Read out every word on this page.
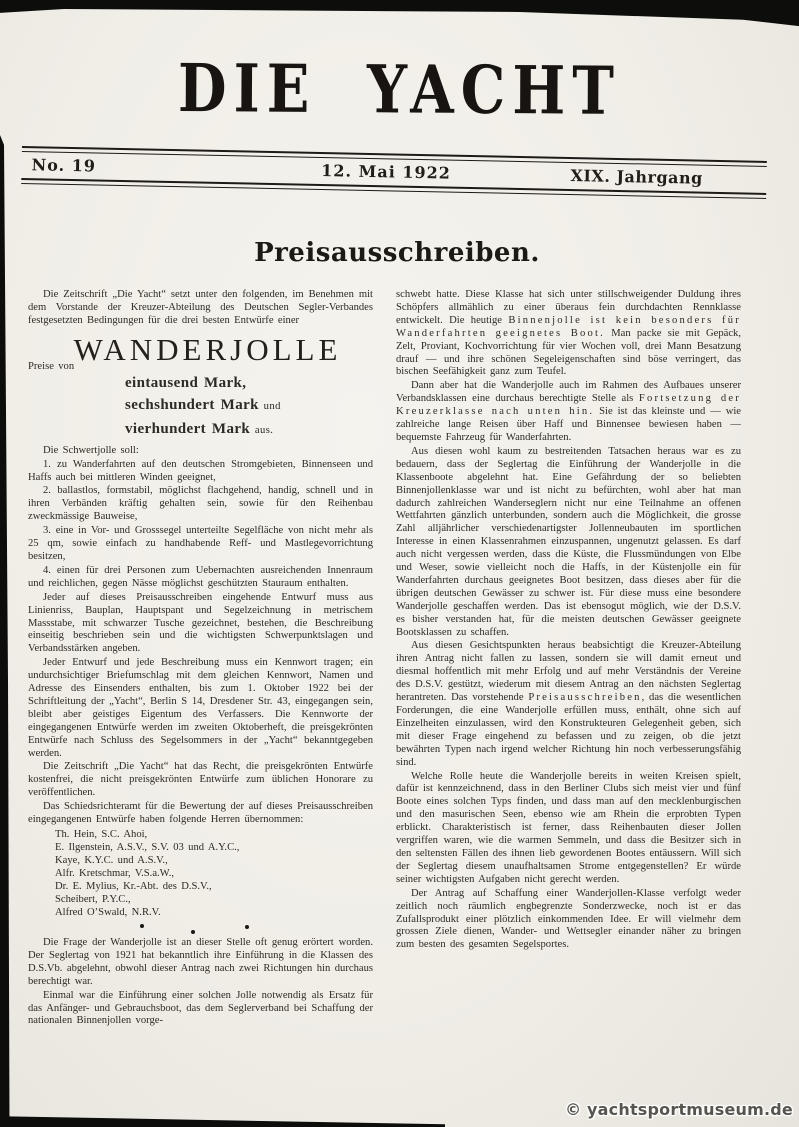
DIE YACHT
No. 19	12. Mai 1922	XIX. Jahrgang
Preisausschreiben.

Die Zeitschrift „Die Yacht“ setzt unter den folgenden, im Benehmen mit dem Vorstande der Kreuzer-Abteilung des Deutschen Segler-Verbandes festgesetzten Bedingungen für die drei besten Entwürfe einer

Preise von WANDERJOLLE
eintausend Mark,
sechshundert Mark und
vierhundert Mark aus.

Die Schwertjolle soll:

1. zu Wanderfahrten auf den deutschen Stromgebieten, Binnenseen und Haffs auch bei mittleren Winden geeignet,

2. ballastlos, formstabil, möglichst flachgehend, handig, schnell und in ihren Verbänden kräftig gehalten sein, sowie für den Reihenbau zweckmässige Bauweise,

3. eine in Vor- und Grosssegel unterteilte Segelfläche von nicht mehr als 25 qm, sowie einfach zu handhabende Reff- und Mastlegevorrichtung besitzen,

4. einen für drei Personen zum Uebernachten ausreichenden Innenraum und reichlichen, gegen Nässe möglichst geschützten Stauraum enthalten.

Jeder auf dieses Preisausschreiben eingehende Entwurf muss aus Linienriss, Bauplan, Hauptspant und Segelzeichnung in metrischem Massstabe, mit schwarzer Tusche gezeichnet, bestehen, die Beschreibung einseitig beschrieben sein und die wichtigsten Schwerpunktslagen und Verbandsstärken angeben.

Jeder Entwurf und jede Beschreibung muss ein Kennwort tragen; ein undurchsichtiger Briefumschlag mit dem gleichen Kennwort, Namen und Adresse des Einsenders enthalten, bis zum 1. Oktober 1922 bei der Schriftleitung der „Yacht“, Berlin S 14, Dresdener Str. 43, eingegangen sein, bleibt aber geistiges Eigentum des Verfassers. Die Kennworte der eingegangenen Entwürfe werden im zweiten Oktoberheft, die preisgekrönten Entwürfe nach Schluss des Segelsommers in der „Yacht“ bekanntgegeben werden.

Die Zeitschrift „Die Yacht“ hat das Recht, die preisgekrönten Entwürfe kostenfrei, die nicht preisgekrönten Entwürfe zum üblichen Honorare zu veröffentlichen.

Das Schiedsrichteramt für die Bewertung der auf dieses Preisausschreiben eingegangenen Entwürfe haben folgende Herren übernommen:

Th. Hein, S.C. Ahoi,
E. Ilgenstein, A.S.V., S.V. 03 und A.Y.C.,
Kaye, K.Y.C. und A.S.V.,
Alfr. Kretschmar, V.S.a.W.,
Dr. E. Mylius, Kr.-Abt. des D.S.V.,
Scheibert, P.Y.C.,
Alfred O’Swald, N.R.V.

Die Frage der Wanderjolle ist an dieser Stelle oft genug erörtert worden. Der Seglertag von 1921 hat bekanntlich ihre Einführung in die Klassen des D.S.Vb. abgelehnt, obwohl dieser Antrag nach zwei Richtungen hin durchaus berechtigt war.

Einmal war die Einführung einer solchen Jolle notwendig als Ersatz für das Anfänger- und Gebrauchsboot, das dem Seglerverband bei Schaffung der nationalen Binnenjollen vorge-

schwebt hatte. Diese Klasse hat sich unter stillschweigender Duldung ihres Schöpfers allmählich zu einer überaus fein durchdachten Rennklasse entwickelt. Die heutige Binnenjolle ist kein besonders für Wanderfahrten geeignetes Boot. Man packe sie mit Gepäck, Zelt, Proviant, Kochvorrichtung für vier Wochen voll, drei Mann Besatzung drauf — und ihre schönen Segeleigenschaften sind böse verringert, das bischen Seefähigkeit ganz zum Teufel.

Dann aber hat die Wanderjolle auch im Rahmen des Aufbaues unserer Verbandsklassen eine durchaus berechtigte Stelle als Fortsetzung der Kreuzerklasse nach unten hin. Sie ist das kleinste und — wie zahlreiche lange Reisen über Haff und Binnensee bewiesen haben — bequemste Fahrzeug für Wanderfahrten.

Aus diesen wohl kaum zu bestreitenden Tatsachen heraus war es zu bedauern, dass der Seglertag die Einführung der Wanderjolle in die Klassenboote abgelehnt hat. Eine Gefährdung der so beliebten Binnenjollenklasse war und ist nicht zu befürchten, wohl aber hat man dadurch zahlreichen Wanderseglern nicht nur eine Teilnahme an offenen Wettfahrten gänzlich unterbunden, sondern auch die Möglichkeit, die grosse Zahl alljährlicher verschiedenartigster Jollenneubauten im sportlichen Interesse in einen Klassenrahmen einzuspannen, ungenutzt gelassen. Es darf auch nicht vergessen werden, dass die Küste, die Flussmündungen von Elbe und Weser, sowie vielleicht noch die Haffs, in der Küstenjolle ein für Wanderfahrten durchaus geeignetes Boot besitzen, dass dieses aber für die übrigen deutschen Gewässer zu schwer ist. Für diese muss eine besondere Wanderjolle geschaffen werden. Das ist ebensogut möglich, wie der D.S.V. es bisher verstanden hat, für die meisten deutschen Gewässer geeignete Bootsklassen zu schaffen.

Aus diesen Gesichtspunkten heraus beabsichtigt die Kreuzer-Abteilung ihren Antrag nicht fallen zu lassen, sondern sie will damit erneut und diesmal hoffentlich mit mehr Erfolg und auf mehr Verständnis der Vereine des D.S.V. gestützt, wiederum mit diesem Antrag an den nächsten Seglertag herantreten. Das vorstehende Preisausschreiben, das die wesentlichen Forderungen, die eine Wanderjolle erfüllen muss, enthält, ohne sich auf Einzelheiten einzulassen, wird den Konstrukteuren Gelegenheit geben, sich mit dieser Frage eingehend zu befassen und zu zeigen, ob die jetzt bewährten Typen nach irgend welcher Richtung hin noch verbesserungsfähig sind.

Welche Rolle heute die Wanderjolle bereits in weiten Kreisen spielt, dafür ist kennzeichnend, dass in den Berliner Clubs sich meist vier und fünf Boote eines solchen Typs finden, und dass man auf den mecklenburgischen und den masurischen Seen, ebenso wie am Rhein die erprobten Typen erblickt. Charakteristisch ist ferner, dass Reihenbauten dieser Jollen vergriffen waren, wie die warmen Semmeln, und dass die Besitzer sich in den seltensten Fällen des ihnen lieb gewordenen Bootes entäussern. Will sich der Seglertag diesem unaufhaltsamen Strome entgegenstellen? Er würde seiner wichtigsten Aufgaben nicht gerecht werden.

Der Antrag auf Schaffung einer Wanderjollen-Klasse verfolgt weder zeitlich noch räumlich engbegrenzte Sonderzwecke, noch ist er das Zufallsprodukt einer plötzlich einkommenden Idee. Er will vielmehr dem grossen Ziele dienen, Wander- und Wettsegler einander näher zu bringen zum besten des gesamten Segelsportes.

© yachtsportmuseum.de
